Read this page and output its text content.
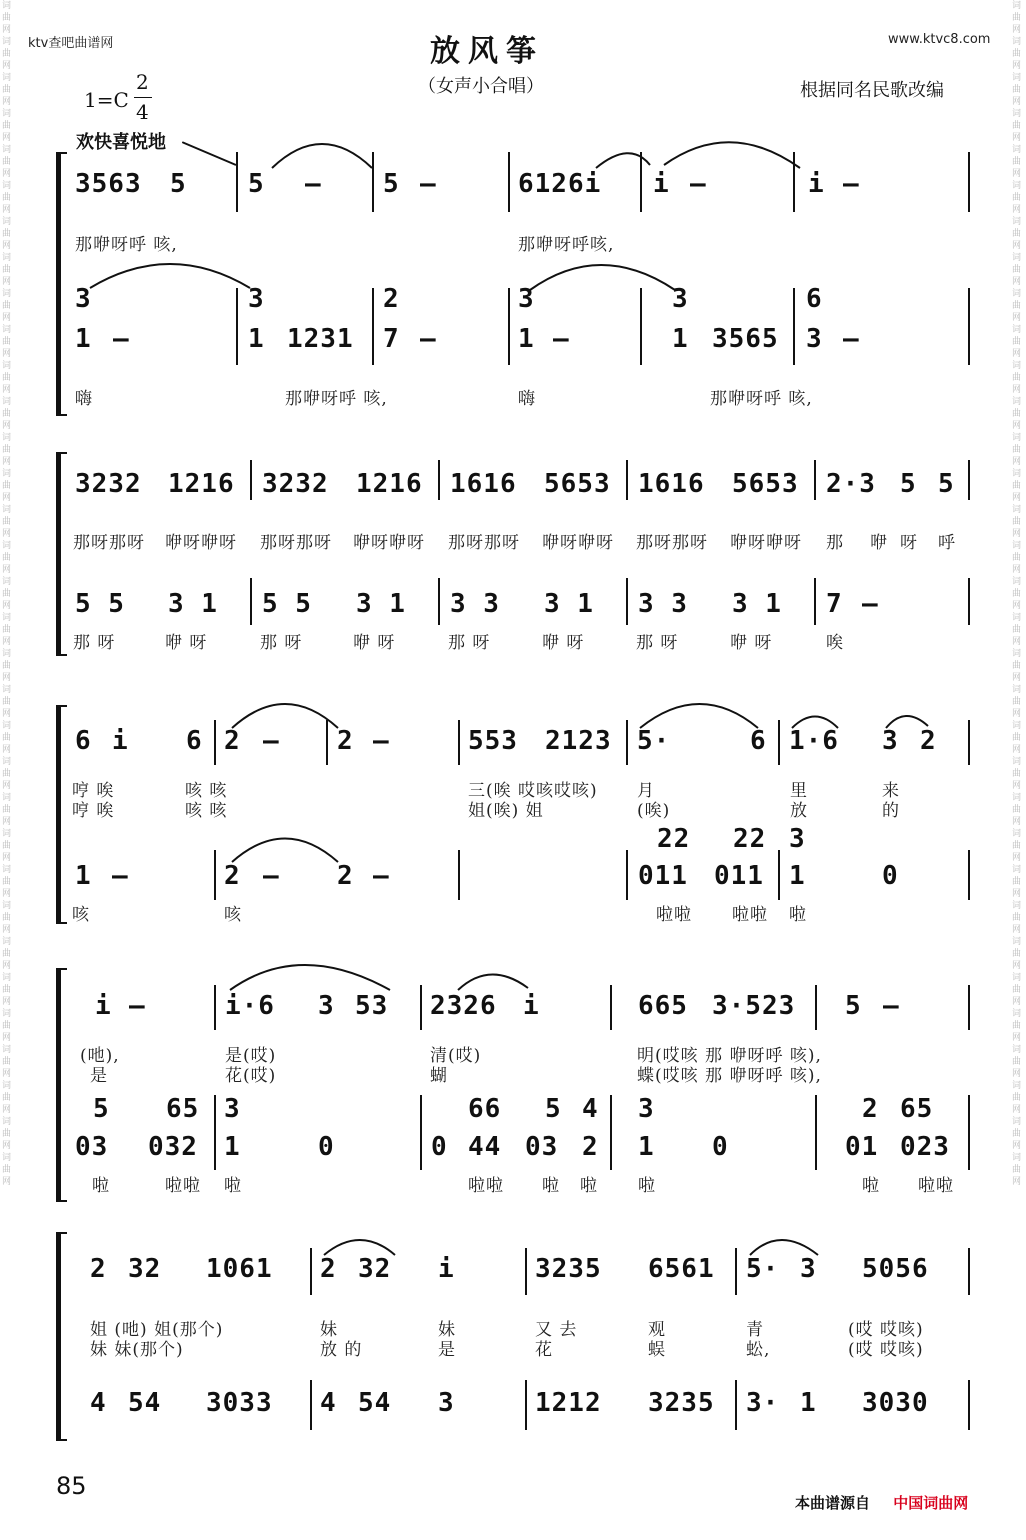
词曲网词曲网词曲网词曲网词曲网词曲网词曲网词曲网词曲网词曲网词曲网词曲网词曲网词曲网词曲网词曲网词曲网词曲网词曲网词曲网词曲网词曲网词曲网词曲网词曲网词曲网词曲网词曲网词曲网词曲网词曲网词曲网词曲网
词曲网词曲网词曲网词曲网词曲网词曲网词曲网词曲网词曲网词曲网词曲网词曲网词曲网词曲网词曲网词曲网词曲网词曲网词曲网词曲网词曲网词曲网词曲网词曲网词曲网词曲网词曲网词曲网词曲网词曲网词曲网词曲网词曲网
ktv查吧曲谱网	www.ktvc8.com
放风筝
（女声小合唱）
1=C
2
4
根据同名民歌改编
欢快喜悦地
3563 5 5 – 5 –	6126i i –	i –
那咿呀呼 咳,	那咿呀呼咳,
3	3	2	3	3	6
1 –	1 1231 7 –	1 –	1 3565 3 –
嗨	那咿呀呼 咳,	嗨	那咿呀呼 咳,
3232 1216 3232 1216 1616 5653 1616 5653 2·3 5 5
那呀那呀 咿呀咿呀 那呀那呀 咿呀咿呀 那呀那呀 咿呀咿呀 那呀那呀 咿呀咿呀 那 咿 呀 呼
5 5 3 1 5 5 3 1 3 3 3 1 3 3 3 1 7 –
那 呀	咿 呀	那 呀	咿 呀	那 呀	咿 呀	那 呀	咿 呀	唉
6 i 6 2 – 2 –	553 2123 5·	6 1·6 3 2
哼 唉	咳 咳	三(唉 哎咳哎咳) 月	里	来
哼 唉	咳 咳	姐(唉) 姐	(唉)	放	的
22 22 3
1 –	2 – 2 –	011 011 1	0
咳	咳	啦啦 啦啦 啦
i –	i·6 3 53 2326 i	665 3·523 5 –
(吔),	是(哎)	清(哎)	明(哎咳 那 咿呀呼 咳),
是	花(哎)	蝴	蝶(哎咳 那 咿呀呼 咳),
5 65 3	66 5 4 3	2 65
03 032 1	0	0 44 03 2 1 0	01 023
啦	啦啦 啦	啦啦 啦 啦 啦	啦 啦啦
2 32 1061 2 32 i	3235 6561 5· 3 5056
姐 (吔) 姐(那个)	妹	妹	又 去	观	青	(哎 哎咳)
妹 妹(那个)	放 的	是	花	蜈	蚣,	(哎 哎咳)
4 54 3033 4 54 3	1212 3235 3· 1 3030
85
本曲谱源自 中国词曲网
